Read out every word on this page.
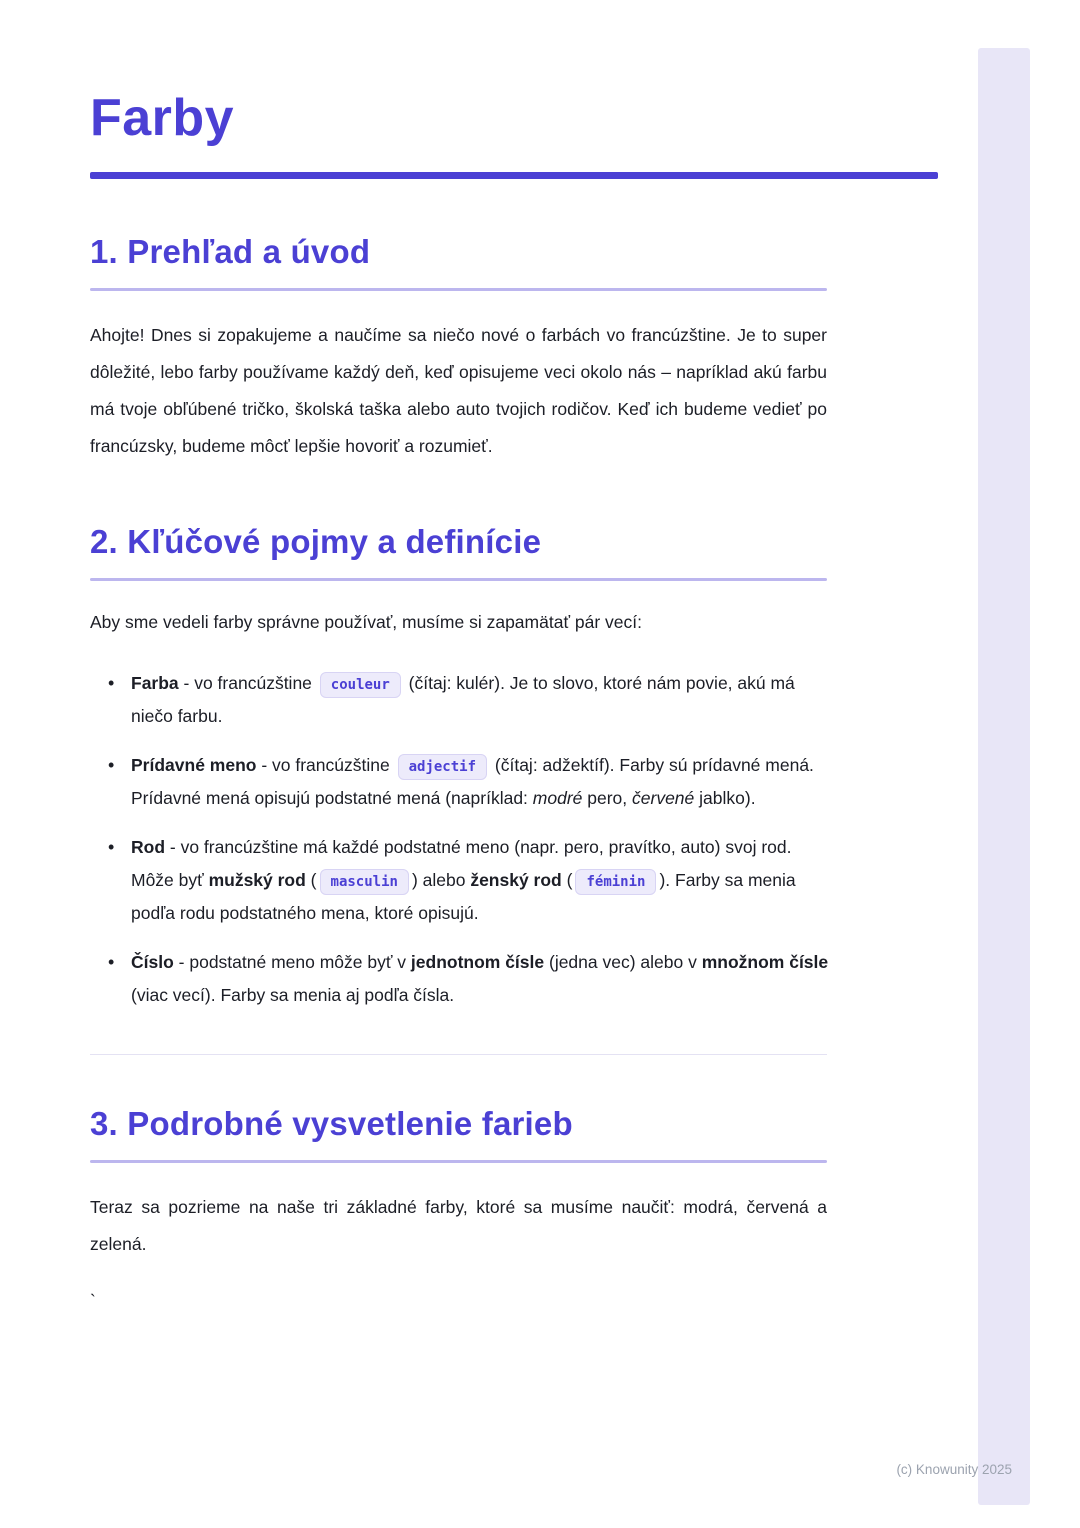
Farby
1. Prehľad a úvod

Ahojte! Dnes si zopakujeme a naučíme sa niečo nové o farbách vo francúzštine. Je to super dôležité, lebo farby používame každý deň, keď opisujeme veci okolo nás – napríklad akú farbu má tvoje obľúbené tričko, školská taška alebo auto tvojich rodičov. Keď ich budeme vedieť po francúzsky, budeme môcť lepšie hovoriť a rozumieť.

2. Kľúčové pojmy a definície

Aby sme vedeli farby správne používať, musíme si zapamätať pár vecí:

• Farba - vo francúzštine couleur (čítaj: kulér). Je to slovo, ktoré nám povie, akú má niečo farbu.
• Prídavné meno - vo francúzštine adjectif (čítaj: adžektíf). Farby sú prídavné mená. Prídavné mená opisujú podstatné mená (napríklad: modré pero, červené jablko).
• Rod - vo francúzštine má každé podstatné meno (napr. pero, pravítko, auto) svoj rod. Môže byť mužský rod ( masculin ) alebo ženský rod ( féminin ). Farby sa menia podľa rodu podstatného mena, ktoré opisujú.
• Číslo - podstatné meno môže byť v jednotnom čísle (jedna vec) alebo v množnom čísle (viac vecí). Farby sa menia aj podľa čísla.
3. Podrobné vysvetlenie farieb

Teraz sa pozrieme na naše tri základné farby, ktoré sa musíme naučiť: modrá, červená a zelená.

`
(c) Knowunity 2025
